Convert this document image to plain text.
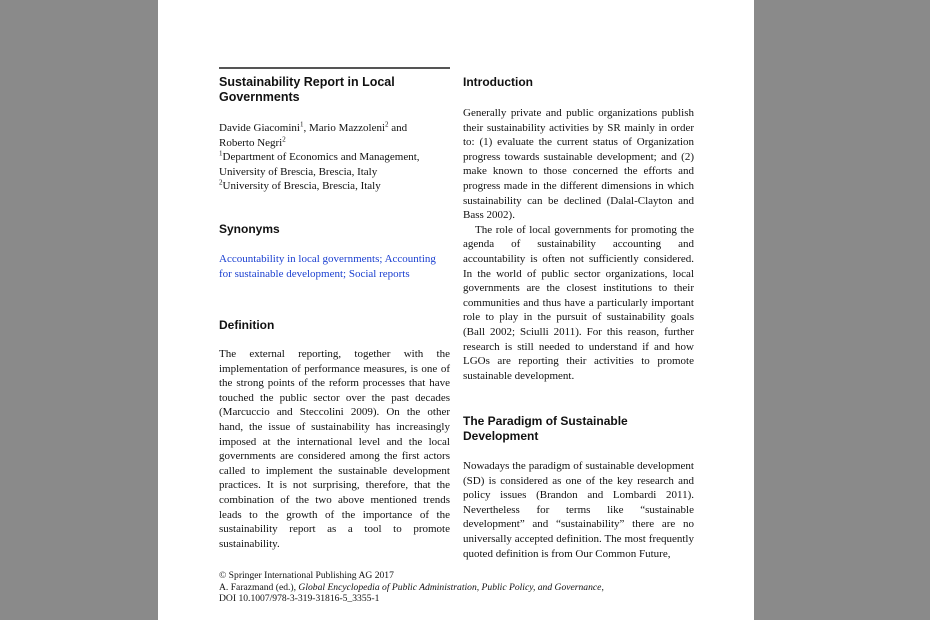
Sustainability Report in Local
Governments

Davide Giacomini$^1$, Mario Mazzoleni$^2$ and
Roberto Negri$^2$
$^1$Department of Economics and Management,
University of Brescia, Brescia, Italy
$^2$University of Brescia, Brescia, Italy

Synonyms

Accountability in local governments; Accounting
for sustainable development; Social reports

Definition

The external reporting, together with the implementation of performance measures, is one of the strong points of the reform processes that have touched the public sector over the past decades (Marcuccio and Steccolini 2009). On the other hand, the issue of sustainability has increasingly imposed at the international level and the local governments are considered among the first actors called to implement the sustainable development practices. It is not surprising, therefore, that the combination of the two above mentioned trends leads to the growth of the importance of the sustainability report as a tool to promote sustainability.

Introduction

Generally private and public organizations publish their sustainability activities by SR mainly in order to: (1) evaluate the current status of Organization progress towards sustainable development; and (2) make known to those concerned the efforts and progress made in the different dimensions in which sustainability can be declined (Dalal-Clayton and Bass 2002).

The role of local governments for promoting the agenda of sustainability accounting and accountability is often not sufficiently considered. In the world of public sector organizations, local governments are the closest institutions to their communities and thus have a particularly important role to play in the pursuit of sustainability goals (Ball 2002; Sciulli 2011). For this reason, further research is still needed to understand if and how LGOs are reporting their activities to promote sustainable development.

The Paradigm of Sustainable
Development

Nowadays the paradigm of sustainable development (SD) is considered as one of the key research and policy issues (Brandon and Lombardi 2011). Nevertheless for terms like “sustainable development” and “sustainability” there are no universally accepted definition. The most frequently quoted definition is from Our Common Future,

© Springer International Publishing AG 2017
A. Farazmand (ed.), Global Encyclopedia of Public Administration, Public Policy, and Governance,
DOI 10.1007/978-3-319-31816-5_3355-1
